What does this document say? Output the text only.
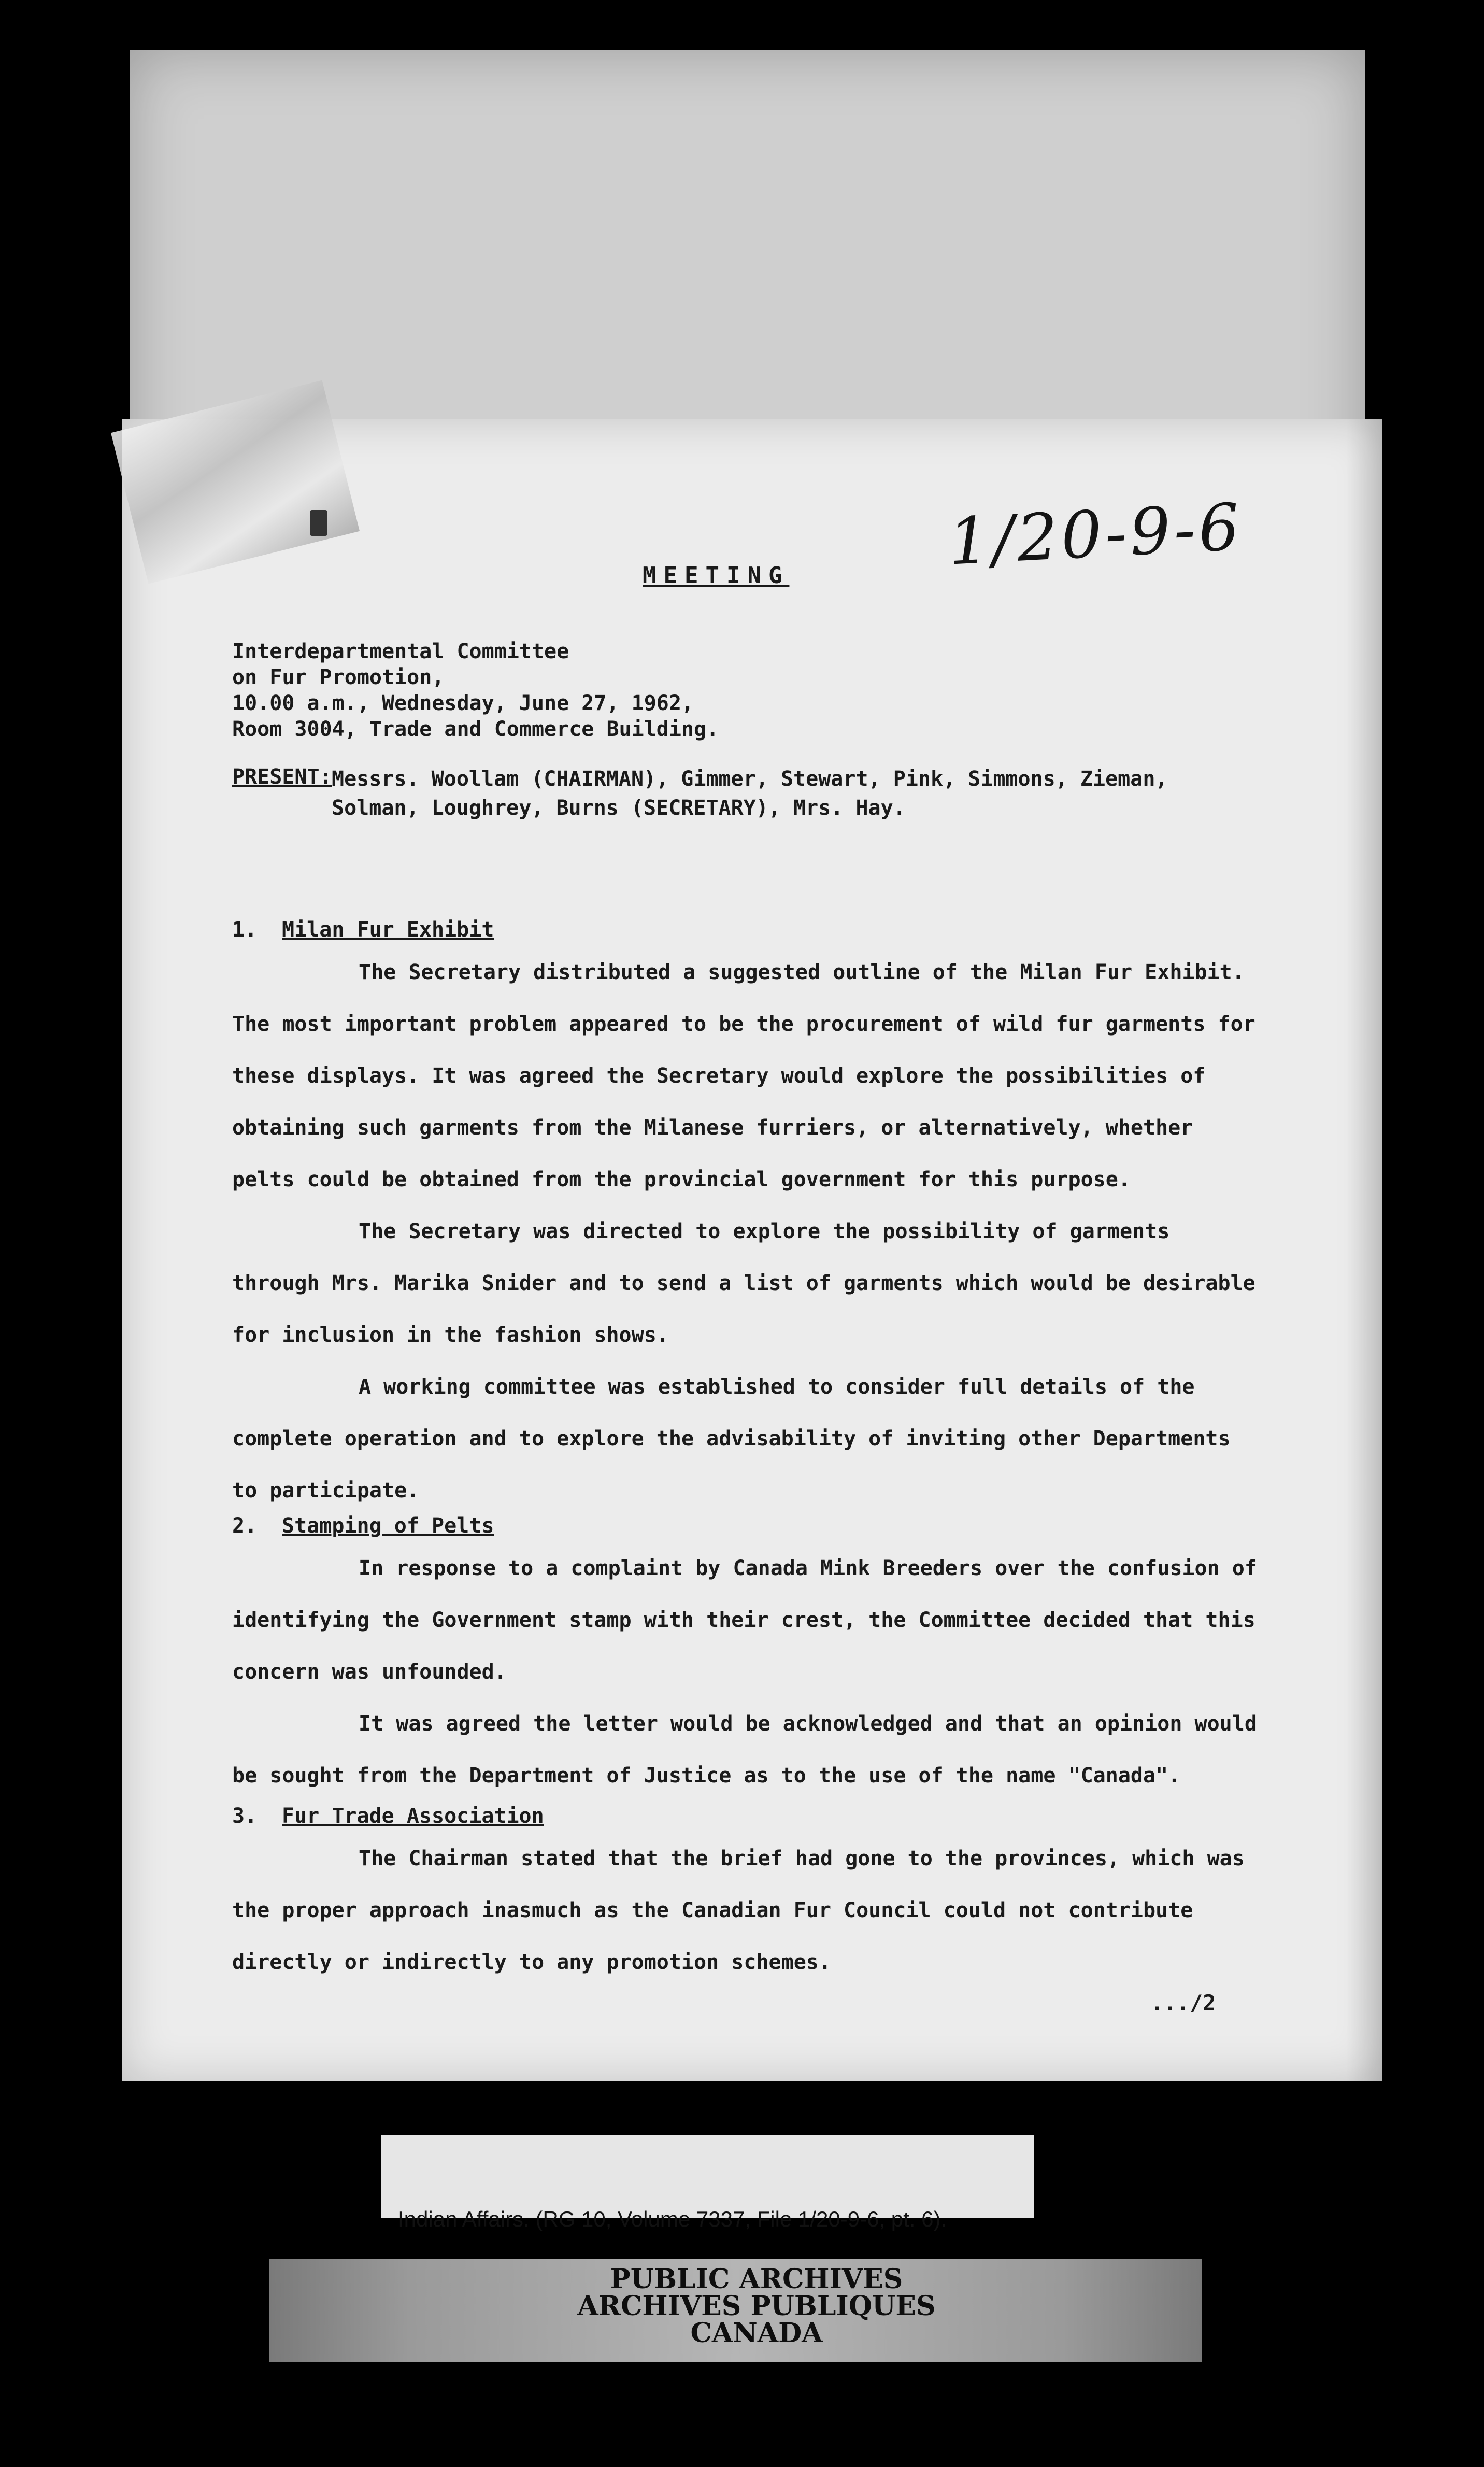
1/20-9-6
MEETING
Interdepartmental Committee
on Fur Promotion,
10.00 a.m., Wednesday, June 27, 1962,
Room 3004, Trade and Commerce Building.
PRESENT: Messrs. Woollam (CHAIRMAN), Gimmer, Stewart, Pink, Simmons, Zieman, Solman, Loughrey, Burns (SECRETARY), Mrs. Hay.
1. Milan Fur Exhibit

The Secretary distributed a suggested outline of the Milan Fur Exhibit. The most important problem appeared to be the procurement of wild fur garments for these displays. It was agreed the Secretary would explore the possibilities of obtaining such garments from the Milanese furriers, or alternatively, whether pelts could be obtained from the provincial government for this purpose.

The Secretary was directed to explore the possibility of garments through Mrs. Marika Snider and to send a list of garments which would be desirable for inclusion in the fashion shows.

A working committee was established to consider full details of the complete operation and to explore the advisability of inviting other Departments to participate.

2. Stamping of Pelts

In response to a complaint by Canada Mink Breeders over the confusion of identifying the Government stamp with their crest, the Committee decided that this concern was unfounded.

It was agreed the letter would be acknowledged and that an opinion would be sought from the Department of Justice as to the use of the name "Canada".

3. Fur Trade Association

The Chairman stated that the brief had gone to the provinces, which was the proper approach inasmuch as the Canadian Fur Council could not contribute directly or indirectly to any promotion schemes.

...​/2
Indian Affairs. (RG 10, Volume 7337, File 1/20-9-6, pt. 6).
PUBLIC ARCHIVES
ARCHIVES PUBLIQUES
CANADA
